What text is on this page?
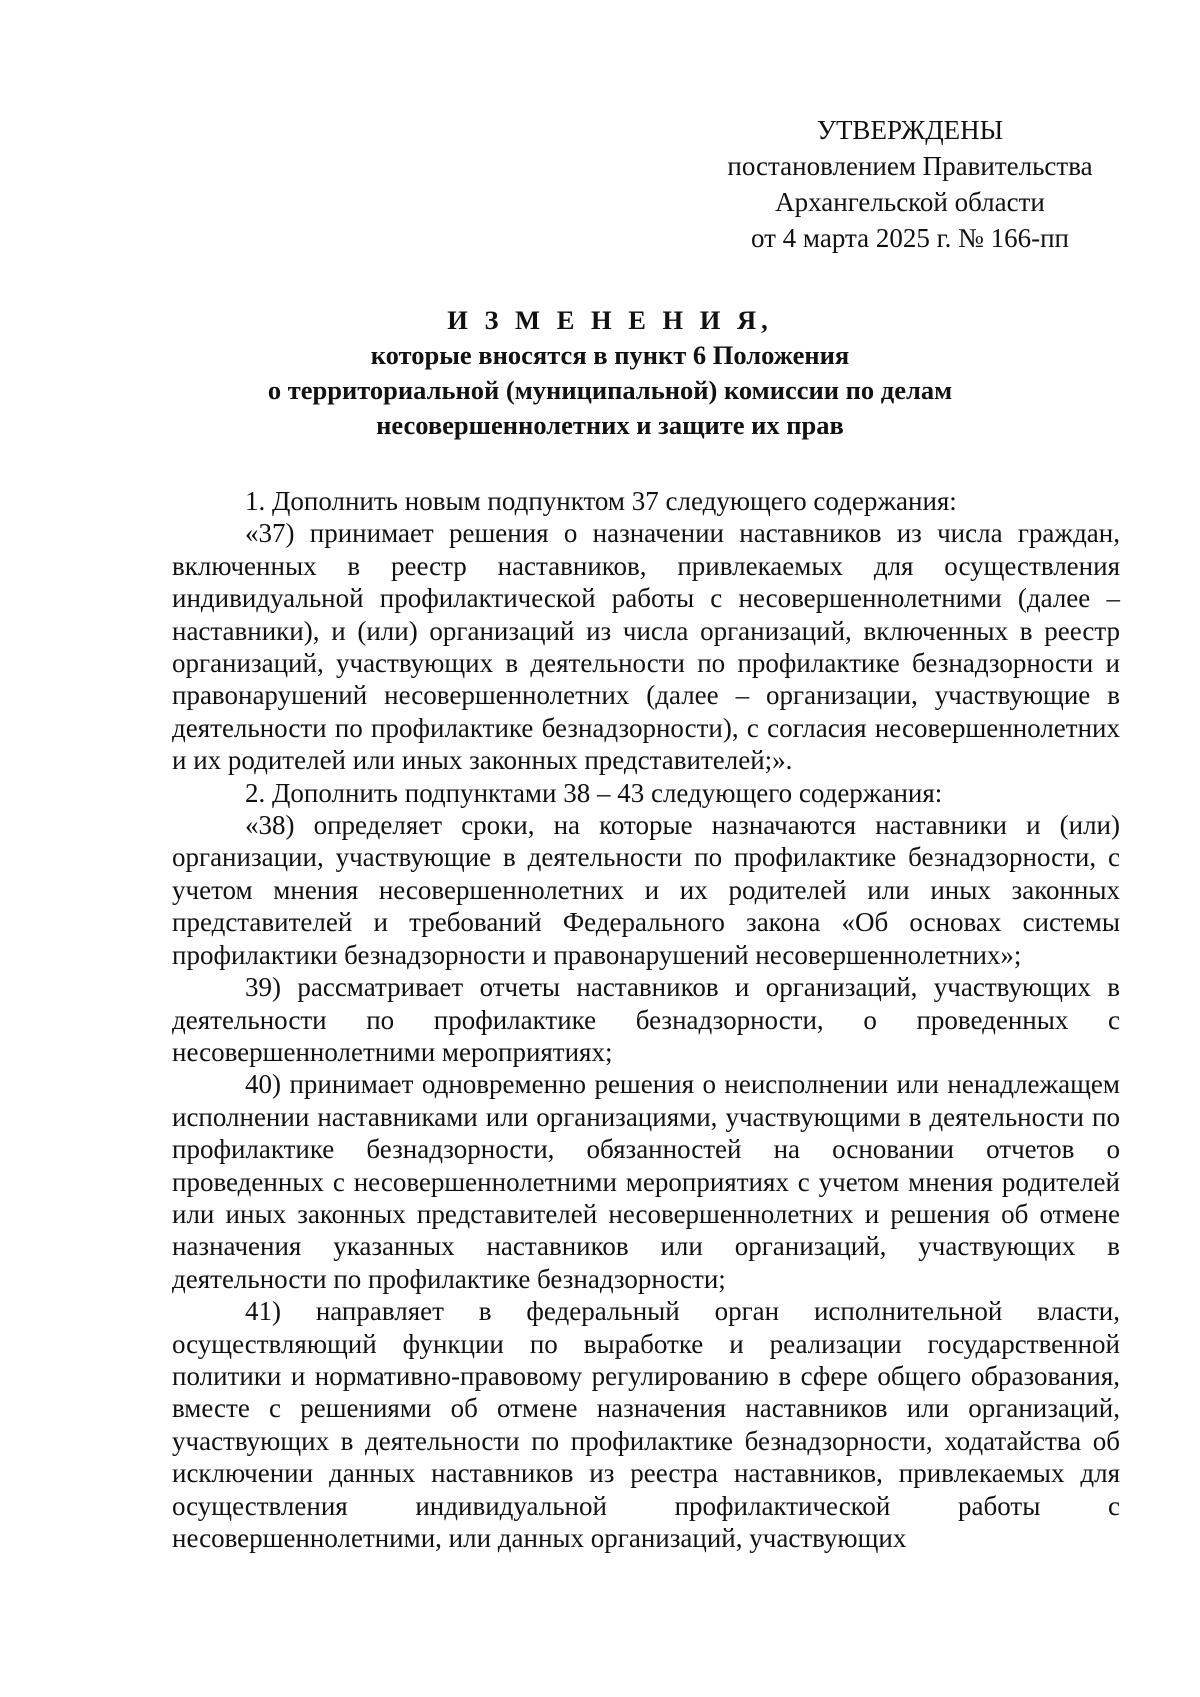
УТВЕРЖДЕНЫ
постановлением Правительства
Архангельской области
от 4 марта 2025 г. № 166-пп
И З М Е Н Е Н И Я,
которые вносятся в пункт 6 Положения
о территориальной (муниципальной) комиссии по делам
несовершеннолетних и защите их прав

1. Дополнить новым подпунктом 37 следующего содержания:

«37) принимает решения о назначении наставников из числа граждан, включенных в реестр наставников, привлекаемых для осуществления индивидуальной профилактической работы с несовершеннолетними (далее – наставники), и (или) организаций из числа организаций, включенных в реестр организаций, участвующих в деятельности по профилактике безнадзорности и правонарушений несовершеннолетних (далее – организации, участвующие в деятельности по профилактике безнадзорности), с согласия несовершеннолетних и их родителей или иных законных представителей;».

2. Дополнить подпунктами 38 – 43 следующего содержания:

«38) определяет сроки, на которые назначаются наставники и (или) организации, участвующие в деятельности по профилактике безнадзорности, с учетом мнения несовершеннолетних и их родителей или иных законных представителей и требований Федерального закона «Об основах системы профилактики безнадзорности и правонарушений несовершеннолетних»;

39) рассматривает отчеты наставников и организаций, участвующих в деятельности по профилактике безнадзорности, о проведенных с несовершеннолетними мероприятиях;

40) принимает одновременно решения о неисполнении или ненадлежащем исполнении наставниками или организациями, участвующими в деятельности по профилактике безнадзорности, обязанностей на основании отчетов о проведенных с несовершеннолетними мероприятиях с учетом мнения родителей или иных законных представителей несовершеннолетних и решения об отмене назначения указанных наставников или организаций, участвующих в деятельности по профилактике безнадзорности;

41) направляет в федеральный орган исполнительной власти, осуществляющий функции по выработке и реализации государственной политики и нормативно-правовому регулированию в сфере общего образования, вместе с решениями об отмене назначения наставников или организаций, участвующих в деятельности по профилактике безнадзорности, ходатайства об исключении данных наставников из реестра наставников, привлекаемых для осуществления индивидуальной профилактической работы с несовершеннолетними, или данных организаций, участвующих
